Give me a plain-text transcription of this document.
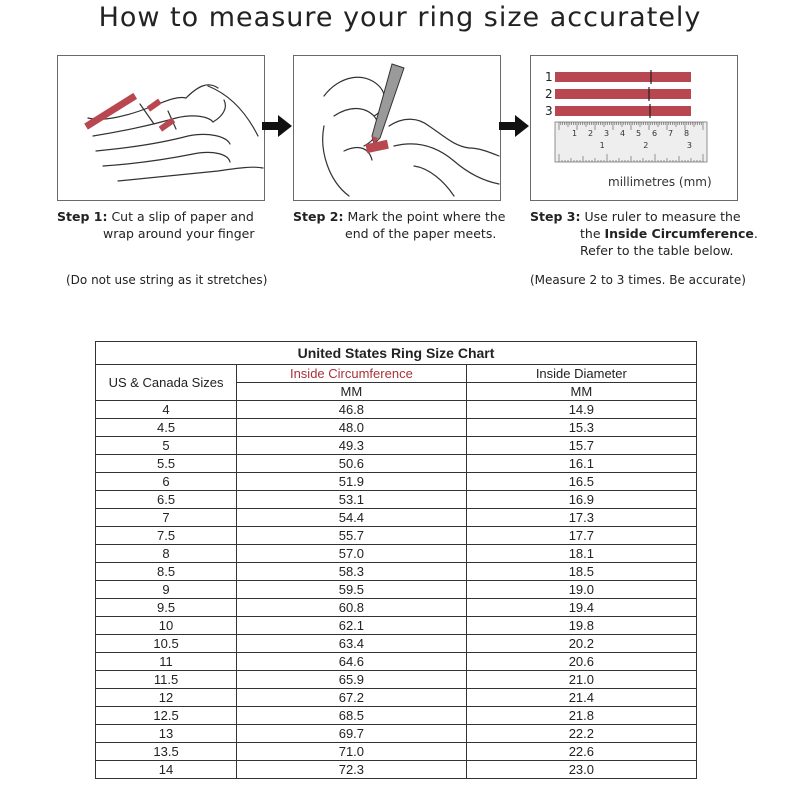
How to measure your ring size accurately
1
2
3
1 2 3 4 5 6 7 8
1	2	3
millimetres (mm)
Step 1: Cut a slip of paper and
wrap around your finger
Step 2: Mark the point where the
end of the paper meets.
Step 3: Use ruler to measure the
the Inside Circumference.
Refer to the table below.
(Do not use string as it stretches)	(Measure 2 to 3 times. Be accurate)
United States Ring Size Chart		
US & Canada Sizes	Inside Circumference	Inside Diameter
	MM	MM
4	46.8	14.9
4.5	48.0	15.3
5	49.3	15.7
5.5	50.6	16.1
6	51.9	16.5
6.5	53.1	16.9
7	54.4	17.3
7.5	55.7	17.7
8	57.0	18.1
8.5	58.3	18.5
9	59.5	19.0
9.5	60.8	19.4
10	62.1	19.8
10.5	63.4	20.2
11	64.6	20.6
11.5	65.9	21.0
12	67.2	21.4
12.5	68.5	21.8
13	69.7	22.2
13.5	71.0	22.6
14	72.3	23.0
